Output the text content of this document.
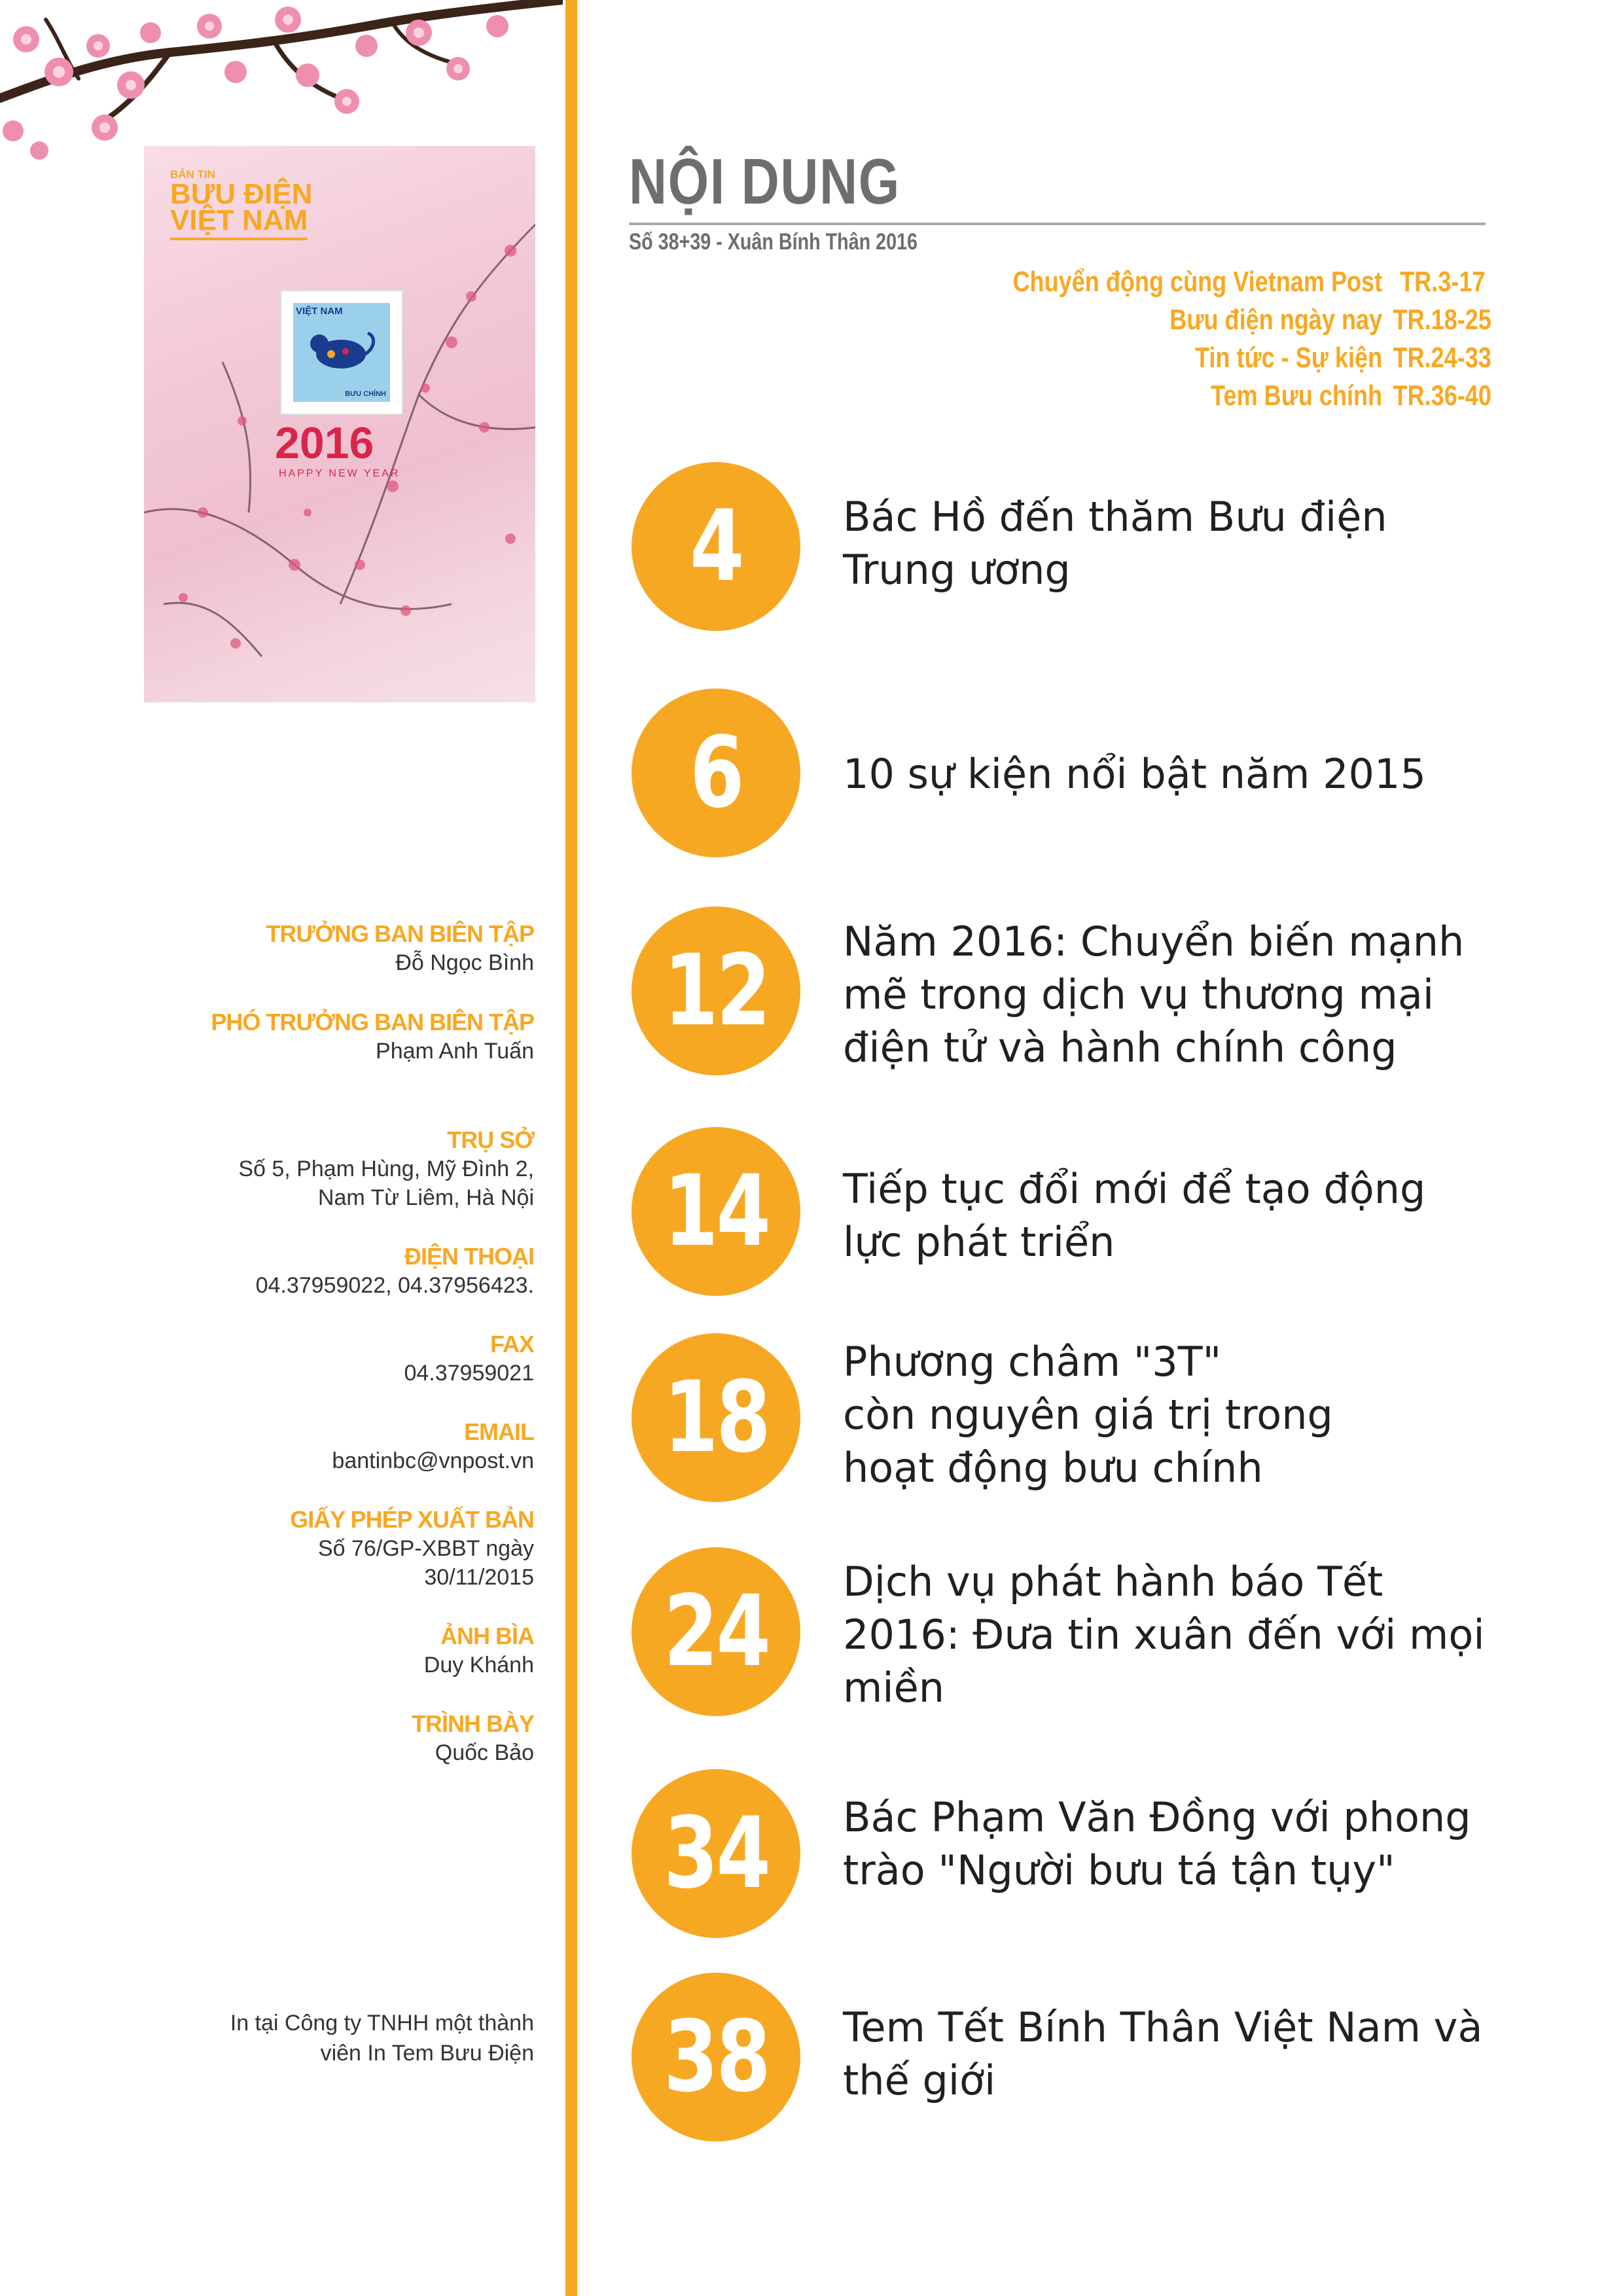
BẢN TIN
BƯU ĐIỆN
VIỆT NAM
VIỆT NAM
BƯU CHÍNH
2016
HAPPY NEW YEAR
TRƯỞNG BAN BIÊN TẬP
Đỗ Ngọc Bình
PHÓ TRƯỞNG BAN BIÊN TẬP
Phạm Anh Tuấn
TRỤ SỞ
Số 5, Phạm Hùng, Mỹ Đình 2,
Nam Từ Liêm, Hà Nội
ĐIỆN THOẠI
04.37959022, 04.37956423.
FAX
04.37959021
EMAIL
bantinbc@vnpost.vn
GIẤY PHÉP XUẤT BẢN
Số 76/GP-XBBT ngày
30/11/2015
ẢNH BÌA
Duy Khánh
TRÌNH BÀY
Quốc Bảo
In tại Công ty TNHH một thành
viên In Tem Bưu Điện
NỘI DUNG
Số 38+39 - Xuân Bính Thân 2016
Chuyển động cùng Vietnam Post TR.3-17
Bưu điện ngày nay TR.18-25
Tin tức - Sự kiện TR.24-33
Tem Bưu chính TR.36-40
4 Bác Hồ đến thăm Bưu điện
Trung ương
6 10 sự kiện nổi bật năm 2015
12 Năm 2016: Chuyển biến mạnh
mẽ trong dịch vụ thương mại
điện tử và hành chính công
14 Tiếp tục đổi mới để tạo động
lực phát triển
18 Phương châm "3T"
còn nguyên giá trị trong
hoạt động bưu chính
24 Dịch vụ phát hành báo Tết
2016: Đưa tin xuân đến với mọi
miền
34 Bác Phạm Văn Đồng với phong
trào "Người bưu tá tận tụy"
38 Tem Tết Bính Thân Việt Nam và
thế giới
